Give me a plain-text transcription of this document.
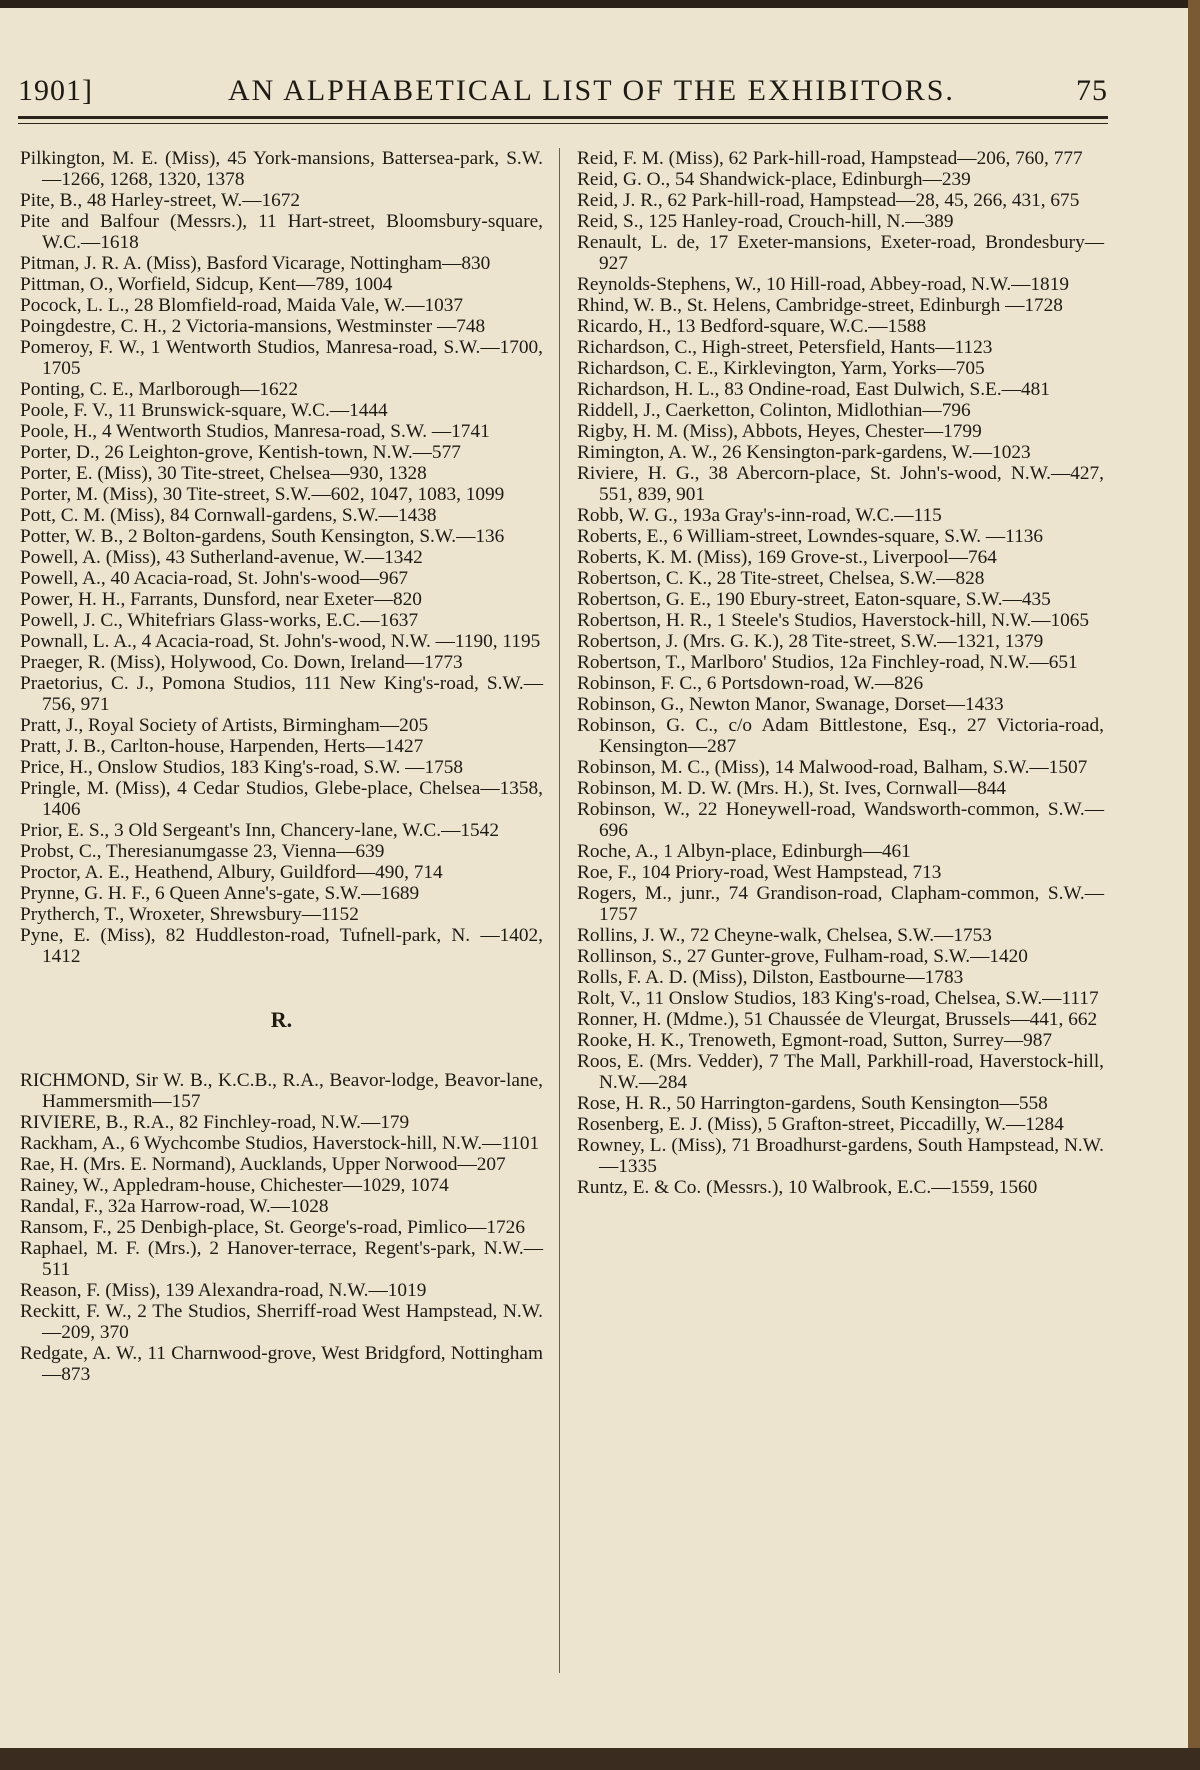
1901]	AN ALPHABETICAL LIST OF THE EXHIBITORS.	75

Pilkington, M. E. (Miss), 45 York-mansions, Battersea-park, S.W.—1266, 1268, 1320, 1378

Pite, B., 48 Harley-street, W.—1672

Pite and Balfour (Messrs.), 11 Hart-street, Bloomsbury-square, W.C.—1618

Pitman, J. R. A. (Miss), Basford Vicarage, Nottingham—830

Pittman, O., Worfield, Sidcup, Kent—789, 1004

Pocock, L. L., 28 Blomfield-road, Maida Vale, W.—1037

Poingdestre, C. H., 2 Victoria-mansions, Westminster —748

Pomeroy, F. W., 1 Wentworth Studios, Manresa-road, S.W.—1700, 1705

Ponting, C. E., Marlborough—1622

Poole, F. V., 11 Brunswick-square, W.C.—1444

Poole, H., 4 Wentworth Studios, Manresa-road, S.W. —1741

Porter, D., 26 Leighton-grove, Kentish-town, N.W.—577

Porter, E. (Miss), 30 Tite-street, Chelsea—930, 1328

Porter, M. (Miss), 30 Tite-street, S.W.—602, 1047, 1083, 1099

Pott, C. M. (Miss), 84 Cornwall-gardens, S.W.—1438

Potter, W. B., 2 Bolton-gardens, South Kensington, S.W.—136

Powell, A. (Miss), 43 Sutherland-avenue, W.—1342

Powell, A., 40 Acacia-road, St. John's-wood—967

Power, H. H., Farrants, Dunsford, near Exeter—820

Powell, J. C., Whitefriars Glass-works, E.C.—1637

Pownall, L. A., 4 Acacia-road, St. John's-wood, N.W. —1190, 1195

Praeger, R. (Miss), Holywood, Co. Down, Ireland—1773

Praetorius, C. J., Pomona Studios, 111 New King's-road, S.W.—756, 971

Pratt, J., Royal Society of Artists, Birmingham—205

Pratt, J. B., Carlton-house, Harpenden, Herts—1427

Price, H., Onslow Studios, 183 King's-road, S.W. —1758

Pringle, M. (Miss), 4 Cedar Studios, Glebe-place, Chelsea—1358, 1406

Prior, E. S., 3 Old Sergeant's Inn, Chancery-lane, W.C.—1542

Probst, C., Theresianumgasse 23, Vienna—639

Proctor, A. E., Heathend, Albury, Guildford—490, 714

Prynne, G. H. F., 6 Queen Anne's-gate, S.W.—1689

Prytherch, T., Wroxeter, Shrewsbury—1152

Pyne, E. (Miss), 82 Huddleston-road, Tufnell-park, N. —1402, 1412

R.

RICHMOND, Sir W. B., K.C.B., R.A., Beavor-lodge, Beavor-lane, Hammersmith—157

RIVIERE, B., R.A., 82 Finchley-road, N.W.—179

Rackham, A., 6 Wychcombe Studios, Haverstock-hill, N.W.—1101

Rae, H. (Mrs. E. Normand), Aucklands, Upper Norwood—207

Rainey, W., Appledram-house, Chichester—1029, 1074

Randal, F., 32a Harrow-road, W.—1028

Ransom, F., 25 Denbigh-place, St. George's-road, Pimlico—1726

Raphael, M. F. (Mrs.), 2 Hanover-terrace, Regent's-park, N.W.—511

Reason, F. (Miss), 139 Alexandra-road, N.W.—1019

Reckitt, F. W., 2 The Studios, Sherriff-road West Hampstead, N.W.—209, 370

Redgate, A. W., 11 Charnwood-grove, West Bridgford, Nottingham—873

Reid, F. M. (Miss), 62 Park-hill-road, Hampstead—206, 760, 777

Reid, G. O., 54 Shandwick-place, Edinburgh—239

Reid, J. R., 62 Park-hill-road, Hampstead—28, 45, 266, 431, 675

Reid, S., 125 Hanley-road, Crouch-hill, N.—389

Renault, L. de, 17 Exeter-mansions, Exeter-road, Brondesbury—927

Reynolds-Stephens, W., 10 Hill-road, Abbey-road, N.W.—1819

Rhind, W. B., St. Helens, Cambridge-street, Edinburgh —1728

Ricardo, H., 13 Bedford-square, W.C.—1588

Richardson, C., High-street, Petersfield, Hants—1123

Richardson, C. E., Kirklevington, Yarm, Yorks—705

Richardson, H. L., 83 Ondine-road, East Dulwich, S.E.—481

Riddell, J., Caerketton, Colinton, Midlothian—796

Rigby, H. M. (Miss), Abbots, Heyes, Chester—1799

Rimington, A. W., 26 Kensington-park-gardens, W.—1023

Riviere, H. G., 38 Abercorn-place, St. John's-wood, N.W.—427, 551, 839, 901

Robb, W. G., 193a Gray's-inn-road, W.C.—115

Roberts, E., 6 William-street, Lowndes-square, S.W. —1136

Roberts, K. M. (Miss), 169 Grove-st., Liverpool—764

Robertson, C. K., 28 Tite-street, Chelsea, S.W.—828

Robertson, G. E., 190 Ebury-street, Eaton-square, S.W.—435

Robertson, H. R., 1 Steele's Studios, Haverstock-hill, N.W.—1065

Robertson, J. (Mrs. G. K.), 28 Tite-street, S.W.—1321, 1379

Robertson, T., Marlboro' Studios, 12a Finchley-road, N.W.—651

Robinson, F. C., 6 Portsdown-road, W.—826

Robinson, G., Newton Manor, Swanage, Dorset—1433

Robinson, G. C., c/o Adam Bittlestone, Esq., 27 Victoria-road, Kensington—287

Robinson, M. C., (Miss), 14 Malwood-road, Balham, S.W.—1507

Robinson, M. D. W. (Mrs. H.), St. Ives, Cornwall—844

Robinson, W., 22 Honeywell-road, Wandsworth-common, S.W.—696

Roche, A., 1 Albyn-place, Edinburgh—461

Roe, F., 104 Priory-road, West Hampstead, 713

Rogers, M., junr., 74 Grandison-road, Clapham-common, S.W.—1757

Rollins, J. W., 72 Cheyne-walk, Chelsea, S.W.—1753

Rollinson, S., 27 Gunter-grove, Fulham-road, S.W.—1420

Rolls, F. A. D. (Miss), Dilston, Eastbourne—1783

Rolt, V., 11 Onslow Studios, 183 King's-road, Chelsea, S.W.—1117

Ronner, H. (Mdme.), 51 Chaussée de Vleurgat, Brussels—441, 662

Rooke, H. K., Trenoweth, Egmont-road, Sutton, Surrey—987

Roos, E. (Mrs. Vedder), 7 The Mall, Parkhill-road, Haverstock-hill, N.W.—284

Rose, H. R., 50 Harrington-gardens, South Kensington—558

Rosenberg, E. J. (Miss), 5 Grafton-street, Piccadilly, W.—1284

Rowney, L. (Miss), 71 Broadhurst-gardens, South Hampstead, N.W.—1335

Runtz, E. & Co. (Messrs.), 10 Walbrook, E.C.—1559, 1560
